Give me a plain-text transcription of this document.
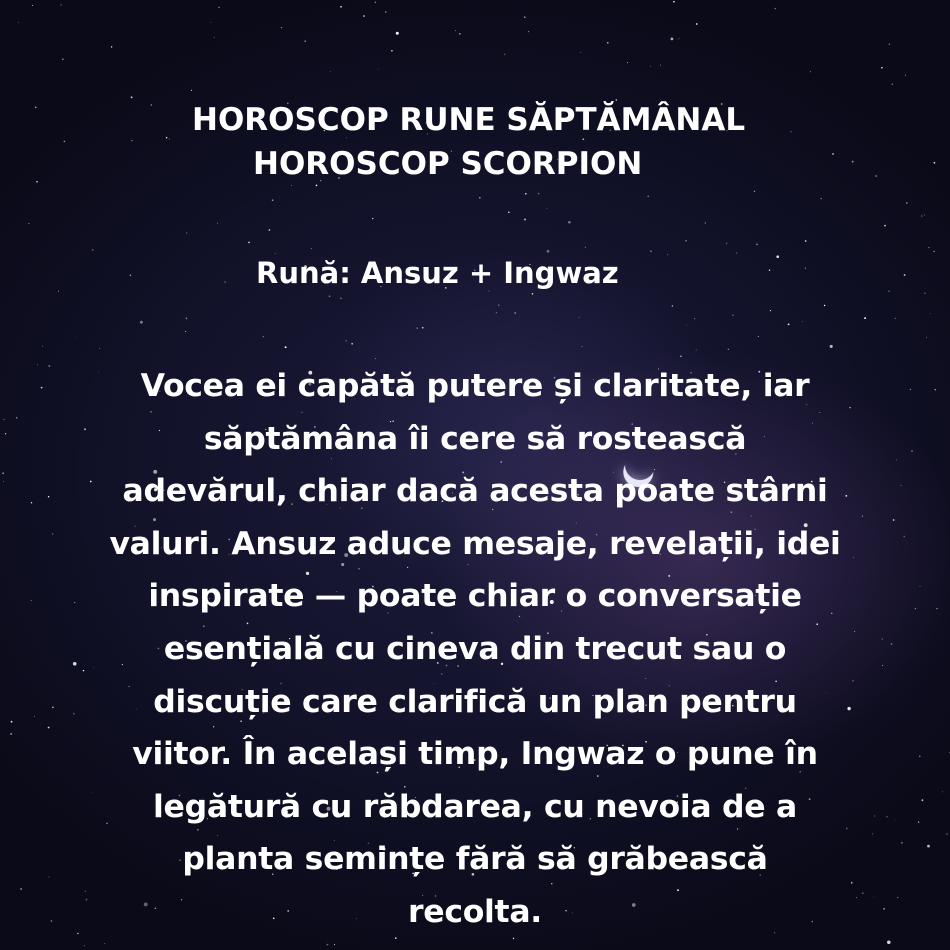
HOROSCOP RUNE SĂPTĂMÂNAL
HOROSCOP SCORPION
Rună: Ansuz + Ingwaz
Vocea ei capătă putere și claritate, iar
săptămâna îi cere să rostească
adevărul, chiar dacă acesta poate stârni
valuri. Ansuz aduce mesaje, revelații, idei
inspirate — poate chiar o conversație
esențială cu cineva din trecut sau o
discuție care clarifică un plan pentru
viitor. În același timp, Ingwaz o pune în
legătură cu răbdarea, cu nevoia de a
planta semințe fără să grăbească
recolta.
